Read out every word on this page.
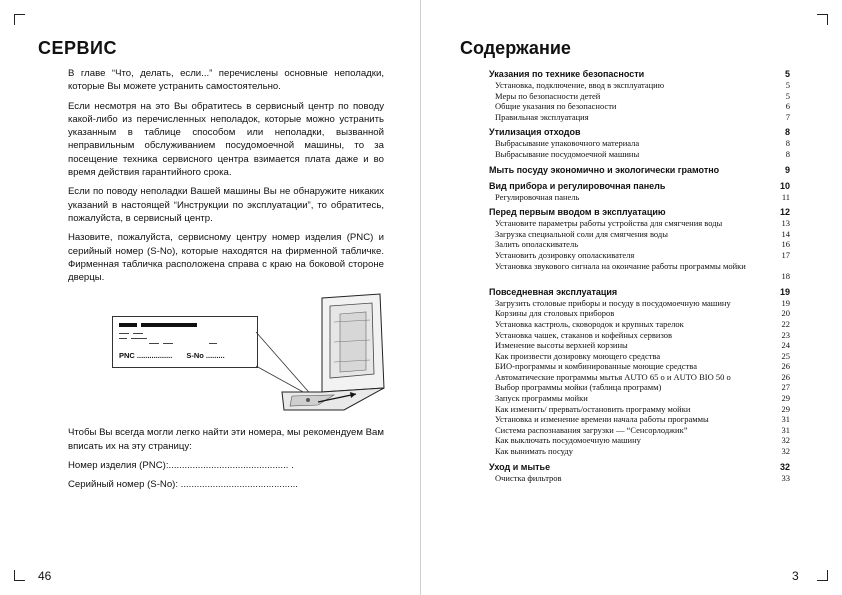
СЕРВИС

В главе “Что, делать, если...” перечислены основные неполадки, которые Вы можете устранить самостоятельно.

Если несмотря на это Вы обратитесь в сервисный центр по поводу какой-либо из перечисленных неполадок, которые можно устранить указанным в таблице способом или неполадки, вызванной неправильным обслуживанием посудомоечной машины, то за посещение техника сервисного центра взимается плата даже и во время действия гарантийного срока.

Если по поводу неполадки Вашей машины Вы не обнаружите никаких указаний в настоящей “Инструкции по эксплуатации”, то обратитесь, пожалуйста, в сервисный центр.

Назовите, пожалуйста, сервисному центру номер изделия (PNC) и серийный номер (S-No), которые находятся на фирменной табличке. Фирменная табличка расположена справа с краю на боковой стороне дверцы.

PNC ................. S-No .........

Чтобы Вы всегда могли легко найти эти номера, мы рекомендуем Вам вписать их на эту страницу:

Номер изделия (PNC):............................................. .

Серийный номер (S-No): ............................................

46
Содержание
Указания по технике безопасности	5
Установка, подключение, ввод в эксплуатацию	5
Меры по безопасности детей	5
Общие указания по безопасности	6
Правильная эксплуатация	7
Утилизация отходов	8
Выбрасывание упаковочного материала	8
Выбрасывание посудомоечной машины	8
Мыть посуду экономично и экологически грамотно	9
Вид прибора и регулировочная панель	10
Регулировочная панель	11
Перед первым вводом в эксплуатацию	12
Установите параметры работы устройства для смягчения воды	13
Загрузка специальной соли для смягчения воды	14
Залить ополаскиватель	16
Установить дозировку ополаскивателя	17
Установка звукового сигнала на окончание работы программы мойки
18
Повседневная эксплуатация	19
Загрузить столовые приборы и посуду в посудомоечную машину	19
Корзины для столовых приборов	20
Установка кастрюль, сковородок и крупных тарелок	22
Установка чашек, стаканов и кофейных сервизов	23
Изменение высоты верхней корзины	24
Как произвести дозировку моющего средства	25
БИО-программы и комбинированные моющие средства	26
Автоматические программы мытья AUTO 65 о и AUTO BIO 50 о	26
Выбор программы мойки (таблица программ)	27
Запуск программы мойки	29
Как изменить/ прервать/остановить программу мойки	29
Установка и изменение времени начала работы программы	31
Система распознавания загрузки — “Сенсорлоджик”	31
Как выключать посудомоечную машину	32
Как вынимать посуду	32
Уход и мытье	32
Очистка фильтров	33
3
